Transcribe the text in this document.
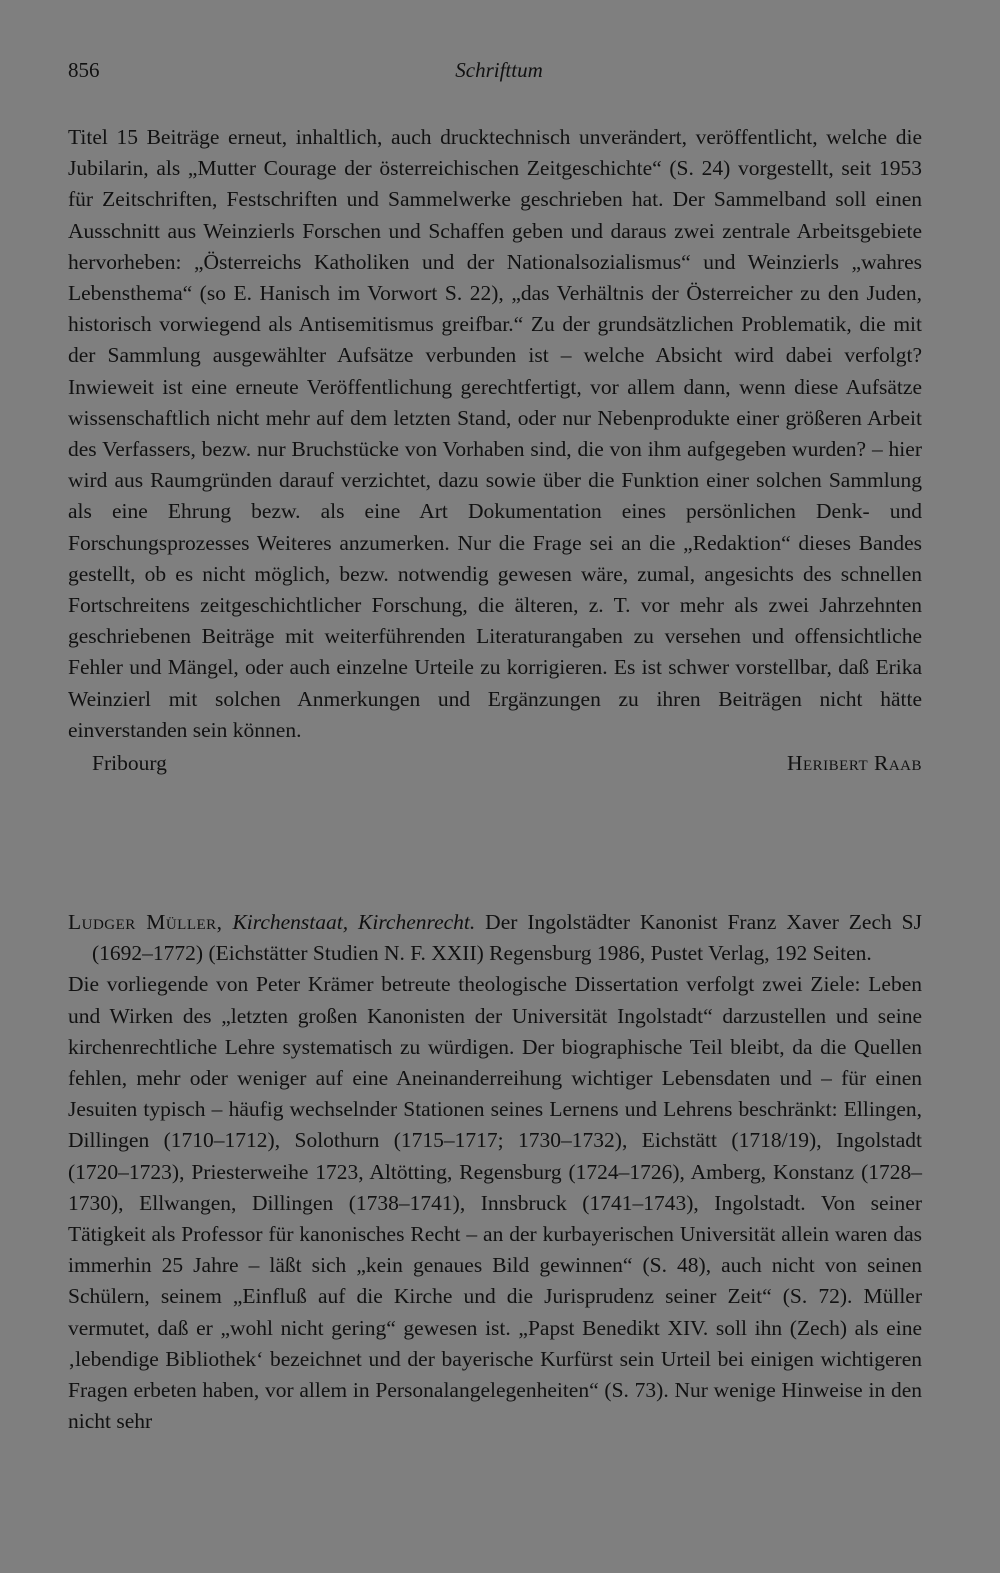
856	Schrifttum

Titel 15 Beiträge erneut, inhaltlich, auch drucktechnisch unverändert, veröffentlicht, welche die Jubilarin, als „Mutter Courage der österreichischen Zeitgeschichte“ (S. 24) vorgestellt, seit 1953 für Zeitschriften, Festschriften und Sammelwerke geschrieben hat. Der Sammelband soll einen Ausschnitt aus Weinzierls Forschen und Schaffen geben und daraus zwei zentrale Arbeitsgebiete hervorheben: „Österreichs Katholiken und der Nationalsozialismus“ und Weinzierls „wahres Lebensthema“ (so E. Hanisch im Vorwort S. 22), „das Verhältnis der Österreicher zu den Juden, historisch vorwiegend als Antisemitismus greifbar.“ Zu der grundsätzlichen Problematik, die mit der Sammlung ausgewählter Aufsätze verbunden ist – welche Absicht wird dabei verfolgt? Inwieweit ist eine erneute Veröffentlichung gerechtfertigt, vor allem dann, wenn diese Aufsätze wissenschaftlich nicht mehr auf dem letzten Stand, oder nur Nebenprodukte einer größeren Arbeit des Verfassers, bezw. nur Bruchstücke von Vorhaben sind, die von ihm aufgegeben wurden? – hier wird aus Raumgründen darauf verzichtet, dazu sowie über die Funktion einer solchen Sammlung als eine Ehrung bezw. als eine Art Dokumentation eines persönlichen Denk- und Forschungsprozesses Weiteres anzumerken. Nur die Frage sei an die „Redaktion“ dieses Bandes gestellt, ob es nicht möglich, bezw. notwendig gewesen wäre, zumal, angesichts des schnellen Fortschreitens zeitgeschichtlicher Forschung, die älteren, z. T. vor mehr als zwei Jahrzehnten geschriebenen Beiträge mit weiterführenden Literaturangaben zu versehen und offensichtliche Fehler und Mängel, oder auch einzelne Urteile zu korrigieren. Es ist schwer vorstellbar, daß Erika Weinzierl mit solchen Anmerkungen und Ergänzungen zu ihren Beiträgen nicht hätte einverstanden sein können.

Fribourg	Heribert Raab

Ludger Müller, Kirchenstaat, Kirchenrecht. Der Ingolstädter Kanonist Franz Xaver Zech SJ (1692–1772) (Eichstätter Studien N. F. XXII) Regensburg 1986, Pustet Verlag, 192 Seiten.

Die vorliegende von Peter Krämer betreute theologische Dissertation verfolgt zwei Ziele: Leben und Wirken des „letzten großen Kanonisten der Universität Ingolstadt“ darzustellen und seine kirchenrechtliche Lehre systematisch zu würdigen. Der biographische Teil bleibt, da die Quellen fehlen, mehr oder weniger auf eine Aneinanderreihung wichtiger Lebensdaten und – für einen Jesuiten typisch – häufig wechselnder Stationen seines Lernens und Lehrens beschränkt: Ellingen, Dillingen (1710–1712), Solothurn (1715–1717; 1730–1732), Eichstätt (1718/19), Ingolstadt (1720–1723), Priesterweihe 1723, Altötting, Regensburg (1724–1726), Amberg, Konstanz (1728–1730), Ellwangen, Dillingen (1738–1741), Innsbruck (1741–1743), Ingolstadt. Von seiner Tätigkeit als Professor für kanonisches Recht – an der kurbayerischen Universität allein waren das immerhin 25 Jahre – läßt sich „kein genaues Bild gewinnen“ (S. 48), auch nicht von seinen Schülern, seinem „Einfluß auf die Kirche und die Jurisprudenz seiner Zeit“ (S. 72). Müller vermutet, daß er „wohl nicht gering“ gewesen ist. „Papst Benedikt XIV. soll ihn (Zech) als eine ‚lebendige Bibliothek‘ bezeichnet und der bayerische Kurfürst sein Urteil bei einigen wichtigeren Fragen erbeten haben, vor allem in Personalangelegenheiten“ (S. 73). Nur wenige Hinweise in den nicht sehr
